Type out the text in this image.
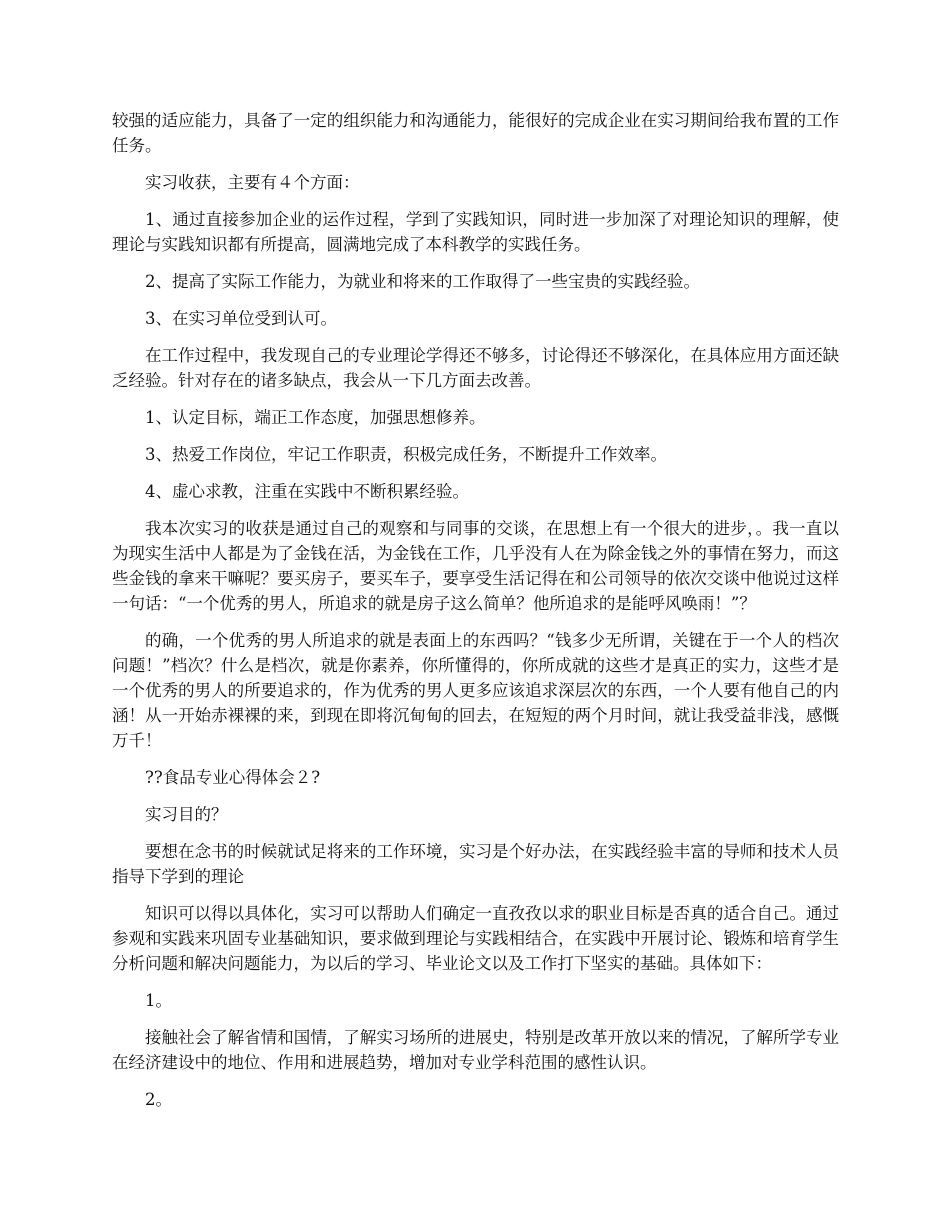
较强的适应能力，具备了一定的组织能力和沟通能力，能很好的完成企业在实习期间给我布置的工作任务。

实习收获，主要有４个方面：

1、通过直接参加企业的运作过程，学到了实践知识，同时进一步加深了对理论知识的理解，使理论与实践知识都有所提高，圆满地完成了本科教学的实践任务。

2、提高了实际工作能力，为就业和将来的工作取得了一些宝贵的实践经验。

3、在实习单位受到认可。

在工作过程中，我发现自己的专业理论学得还不够多，讨论得还不够深化，在具体应用方面还缺乏经验。针对存在的诸多缺点，我会从一下几方面去改善。

1、认定目标，端正工作态度，加强思想修养。

3、热爱工作岗位，牢记工作职责，积极完成任务，不断提升工作效率。

4、虚心求教，注重在实践中不断积累经验。

我本次实习的收获是通过自己的观察和与同事的交谈，在思想上有一个很大的进步，。我一直以为现实生活中人都是为了金钱在活，为金钱在工作，几乎没有人在为除金钱之外的事情在努力，而这些金钱的拿来干嘛呢？要买房子，要买车子，要享受生活记得在和公司领导的依次交谈中他说过这样一句话：“一个优秀的男人，所追求的就是房子这么简单？他所追求的是能呼风唤雨！”？

的确，一个优秀的男人所追求的就是表面上的东西吗？“钱多少无所谓，关键在于一个人的档次问题！”档次？什么是档次，就是你素养，你所懂得的，你所成就的这些才是真正的实力，这些才是一个优秀的男人的所要追求的，作为优秀的男人更多应该追求深层次的东西，一个人要有他自己的内涵！从一开始赤裸裸的来，到现在即将沉甸甸的回去，在短短的两个月时间，就让我受益非浅，感慨万千！

??食品专业心得体会２?

实习目的？

要想在念书的时候就试足将来的工作环境，实习是个好办法，在实践经验丰富的导师和技术人员指导下学到的理论

知识可以得以具体化，实习可以帮助人们确定一直孜孜以求的职业目标是否真的适合自己。通过参观和实践来巩固专业基础知识，要求做到理论与实践相结合，在实践中开展讨论、锻炼和培育学生分析问题和解决问题能力，为以后的学习、毕业论文以及工作打下坚实的基础。具体如下：

1。

接触社会了解省情和国情，了解实习场所的进展史，特别是改革开放以来的情况，了解所学专业在经济建设中的地位、作用和进展趋势，增加对专业学科范围的感性认识。

2。
